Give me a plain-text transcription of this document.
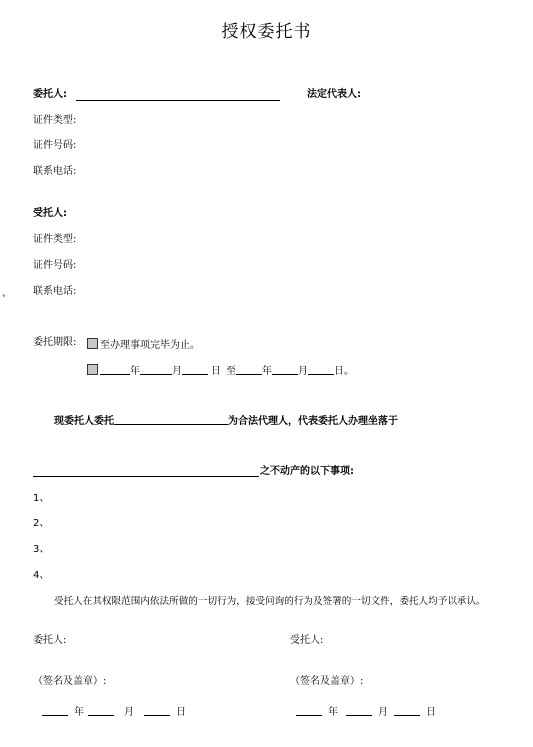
授权委托书
委托人:	法定代表人:
证件类型:
证件号码:
联系电话:
受托人:
证件类型:
证件号码:
联系电话:
▾
委托期限:	至办理事项完毕为止。
年	月	日 至	年	月	日。
现委托人委托	为合法代理人，代表委托人办理坐落于
之不动产的以下事项:
1、
2、
3、
4、
受托人在其权限范围内依法所做的一切行为，接受问询的行为及签署的一切文件，委托人均予以承认。
委托人:	受托人:
（签名及盖章）:	（签名及盖章）:
年	月	日	年	月	日
